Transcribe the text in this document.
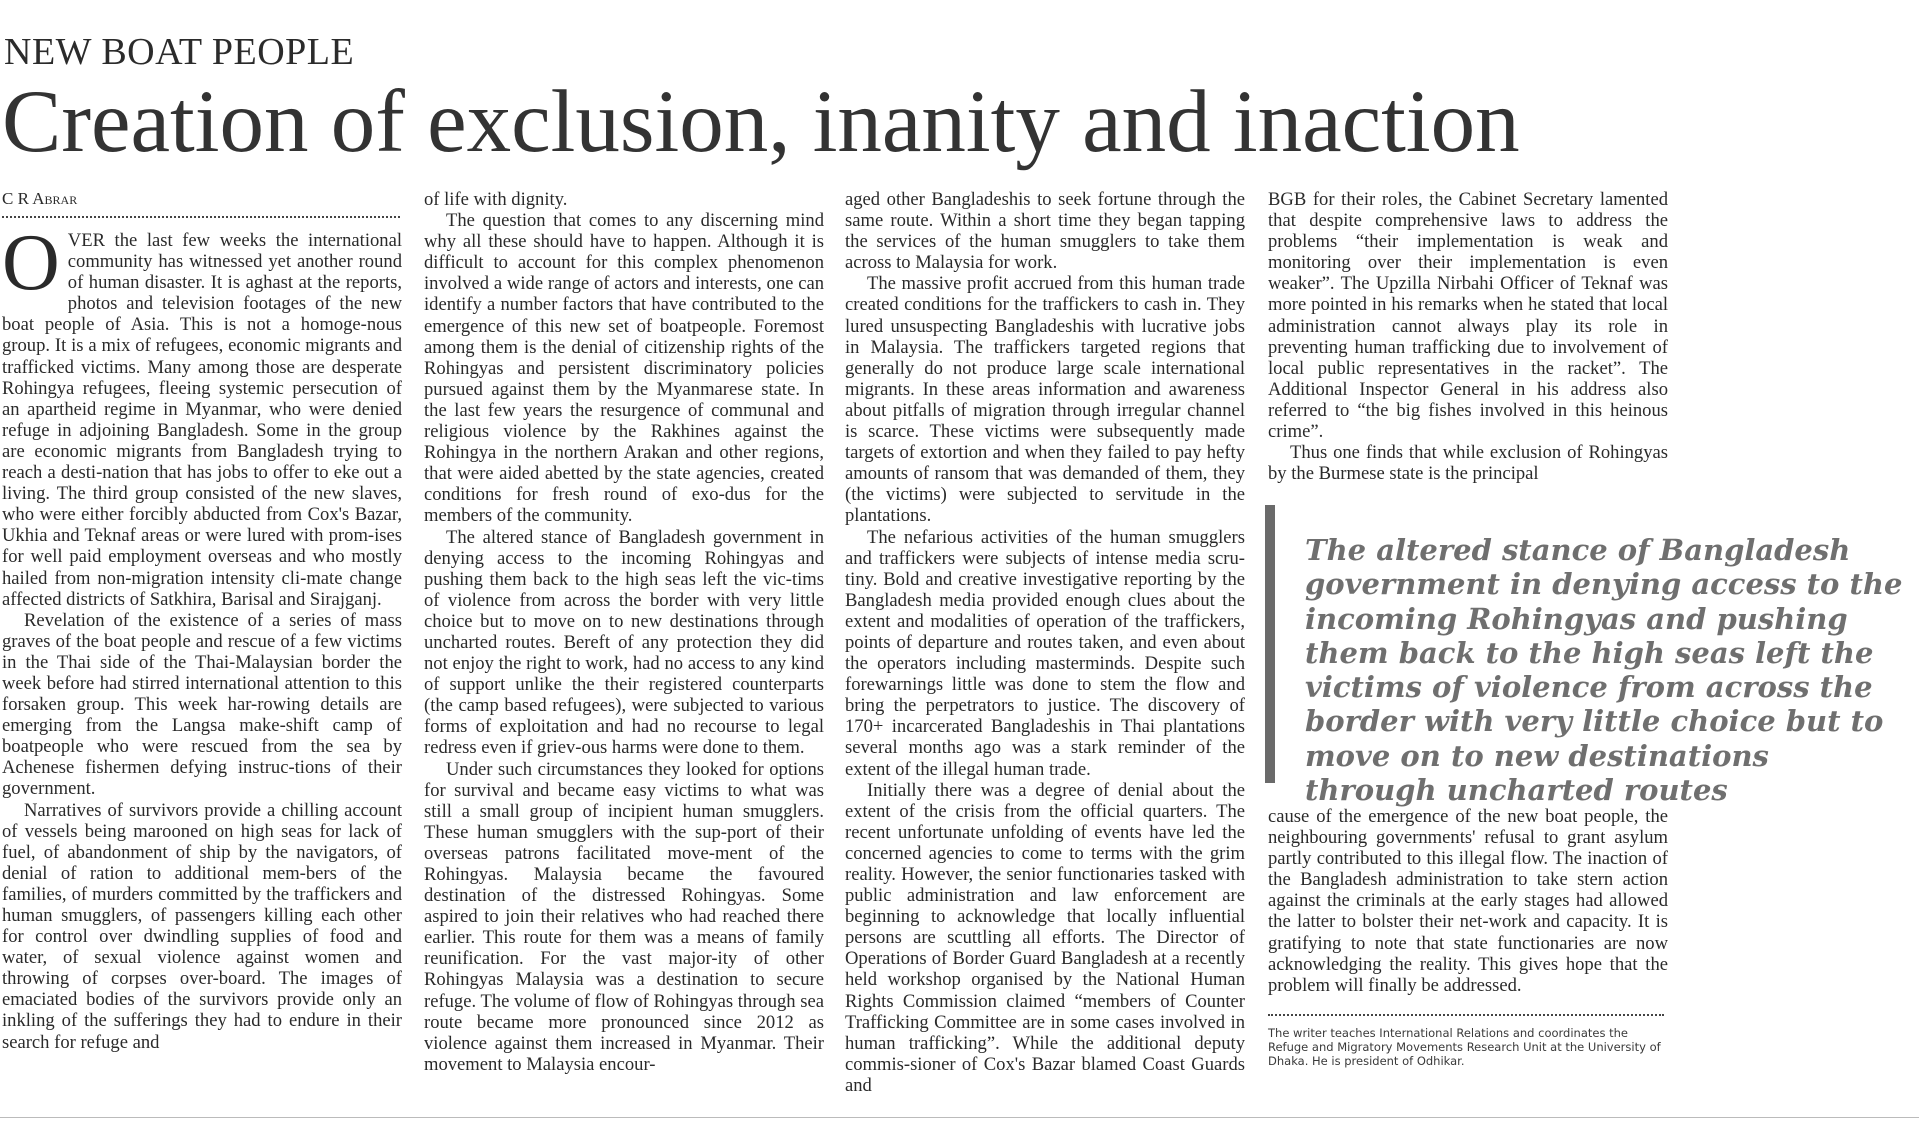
NEW BOAT PEOPLE
Creation of exclusion, inanity and inaction
C R Abrar

OVER the last few weeks the international community has witnessed yet another round of human disaster. It is aghast at the reports, photos and television footages of the new boat people of Asia. This is not a homoge-nous group. It is a mix of refugees, economic migrants and trafficked victims. Many among those are desperate Rohingya refugees, fleeing systemic persecution of an apartheid regime in Myanmar, who were denied refuge in adjoining Bangladesh. Some in the group are economic migrants from Bangladesh trying to reach a desti-nation that has jobs to offer to eke out a living. The third group consisted of the new slaves, who were either forcibly abducted from Cox's Bazar, Ukhia and Teknaf areas or were lured with prom-ises for well paid employment overseas and who mostly hailed from non-migration intensity cli-mate change affected districts of Satkhira, Barisal and Sirajganj.

Revelation of the existence of a series of mass graves of the boat people and rescue of a few victims in the Thai side of the Thai-Malaysian border the week before had stirred international attention to this forsaken group. This week har-rowing details are emerging from the Langsa make-shift camp of boatpeople who were rescued from the sea by Achenese fishermen defying instruc-tions of their government.

Narratives of survivors provide a chilling account of vessels being marooned on high seas for lack of fuel, of abandonment of ship by the navigators, of denial of ration to additional mem-bers of the families, of murders committed by the traffickers and human smugglers, of passengers killing each other for control over dwindling supplies of food and water, of sexual violence against women and throwing of corpses over-board. The images of emaciated bodies of the survivors provide only an inkling of the sufferings they had to endure in their search for refuge and

of life with dignity.

The question that comes to any discerning mind why all these should have to happen. Although it is difficult to account for this complex phenomenon involved a wide range of actors and interests, one can identify a number factors that have contributed to the emergence of this new set of boatpeople. Foremost among them is the denial of citizenship rights of the Rohingyas and persistent discriminatory policies pursued against them by the Myanmarese state. In the last few years the resurgence of communal and religious violence by the Rakhines against the Rohingya in the northern Arakan and other regions, that were aided abetted by the state agencies, created conditions for fresh round of exo-dus for the members of the community.

The altered stance of Bangladesh government in denying access to the incoming Rohingyas and pushing them back to the high seas left the vic-tims of violence from across the border with very little choice but to move on to new destinations through uncharted routes. Bereft of any protection they did not enjoy the right to work, had no access to any kind of support unlike the their registered counterparts (the camp based refugees), were subjected to various forms of exploitation and had no recourse to legal redress even if griev-ous harms were done to them.

Under such circumstances they looked for options for survival and became easy victims to what was still a small group of incipient human smugglers. These human smugglers with the sup-port of their overseas patrons facilitated move-ment of the Rohingyas. Malaysia became the favoured destination of the distressed Rohingyas. Some aspired to join their relatives who had reached there earlier. This route for them was a means of family reunification. For the vast major-ity of other Rohingyas Malaysia was a destination to secure refuge. The volume of flow of Rohingyas through sea route became more pronounced since 2012 as violence against them increased in Myanmar. Their movement to Malaysia encour-

aged other Bangladeshis to seek fortune through the same route. Within a short time they began tapping the services of the human smugglers to take them across to Malaysia for work.

The massive profit accrued from this human trade created conditions for the traffickers to cash in. They lured unsuspecting Bangladeshis with lucrative jobs in Malaysia. The traffickers targeted regions that generally do not produce large scale international migrants. In these areas information and awareness about pitfalls of migration through irregular channel is scarce. These victims were subsequently made targets of extortion and when they failed to pay hefty amounts of ransom that was demanded of them, they (the victims) were subjected to servitude in the plantations.

The nefarious activities of the human smugglers and traffickers were subjects of intense media scru-tiny. Bold and creative investigative reporting by the Bangladesh media provided enough clues about the extent and modalities of operation of the traffickers, points of departure and routes taken, and even about the operators including masterminds. Despite such forewarnings little was done to stem the flow and bring the perpetrators to justice. The discovery of 170+ incarcerated Bangladeshis in Thai plantations several months ago was a stark reminder of the extent of the illegal human trade.

Initially there was a degree of denial about the extent of the crisis from the official quarters. The recent unfortunate unfolding of events have led the concerned agencies to come to terms with the grim reality. However, the senior functionaries tasked with public administration and law enforcement are beginning to acknowledge that locally influential persons are scuttling all efforts. The Director of Operations of Border Guard Bangladesh at a recently held workshop organised by the National Human Rights Commission claimed “members of Counter Trafficking Committee are in some cases involved in human trafficking”. While the additional deputy commis-sioner of Cox's Bazar blamed Coast Guards and

BGB for their roles, the Cabinet Secretary lamented that despite comprehensive laws to address the problems “their implementation is weak and monitoring over their implementation is even weaker”. The Upzilla Nirbahi Officer of Teknaf was more pointed in his remarks when he stated that local administration cannot always play its role in preventing human trafficking due to involvement of local public representatives in the racket”. The Additional Inspector General in his address also referred to “the big fishes involved in this heinous crime”.

Thus one finds that while exclusion of Rohingyas by the Burmese state is the principal

The altered stance of Bangladesh government in denying access to the incoming Rohingyas and pushing them back to the high seas left the victims of violence from across the border with very little choice but to move on to new destinations through uncharted routes

cause of the emergence of the new boat people, the neighbouring governments' refusal to grant asylum partly contributed to this illegal flow. The inaction of the Bangladesh administration to take stern action against the criminals at the early stages had allowed the latter to bolster their net-work and capacity. It is gratifying to note that state functionaries are now acknowledging the reality. This gives hope that the problem will finally be addressed.

The writer teaches International Relations and coordinates the Refuge and Migratory Movements Research Unit at the University of Dhaka. He is president of Odhikar.
